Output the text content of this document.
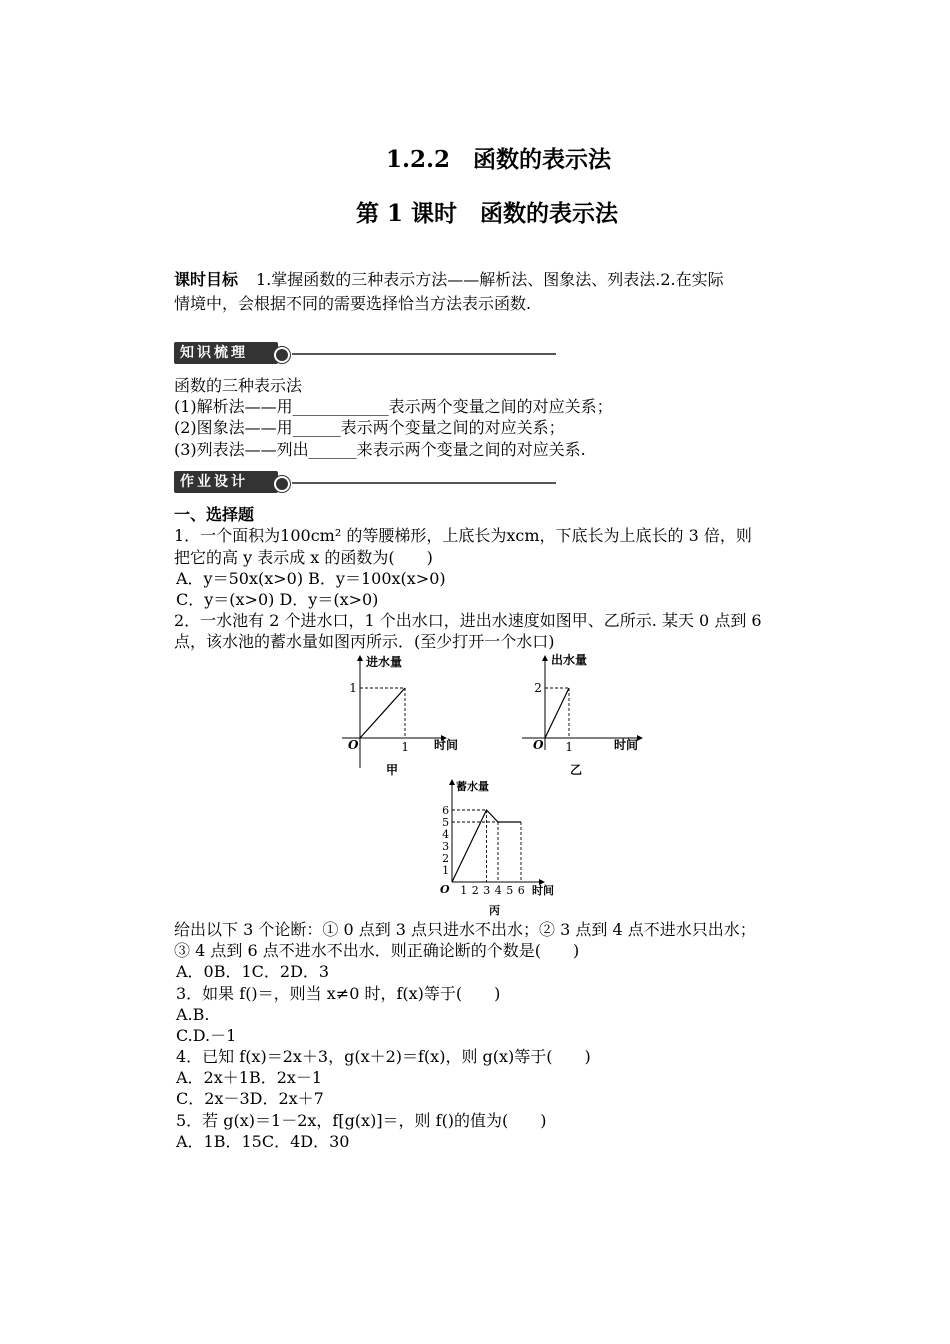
1.2.2　函数的表示法
第 1 课时　函数的表示法
课时目标 1.掌握函数的三种表示方法——解析法、图象法、列表法.2.在实际
情境中，会根据不同的需要选择恰当方法表示函数.
知识梳理
函数的三种表示法
(1)解析法——用____________表示两个变量之间的对应关系；
(2)图象法——用______表示两个变量之间的对应关系；
(3)列表法——列出______来表示两个变量之间的对应关系.
作业设计
一、选择题
1．一个面积为100cm² 的等腰梯形，上底长为xcm，下底长为上底长的 3 倍，则
把它的高 y 表示成 x 的函数为(　　)
A．y＝50x(x>0) B．y＝100x(x>0)
C．y＝(x>0) D．y＝(x>0)
2．一水池有 2 个进水口，1 个出水口，进出水速度如图甲、乙所示. 某天 0 点到 6
点，该水池的蓄水量如图丙所示．(至少打开一个水口)
1
1
进水量
时间
O
甲
1
2
出水量
时间
O
乙
1 2 3 4 5 6
1
2
3
4
5
6
蓄水量
时间
O
丙
给出以下 3 个论断：① 0 点到 3 点只进水不出水；② 3 点到 4 点不进水只出水；
③ 4 点到 6 点不进水不出水．则正确论断的个数是(　　)
A．0B．1C．2D．3
3．如果 f()＝，则当 x≠0 时，f(x)等于(　　)
A.B.
C.D.－1
4．已知 f(x)＝2x＋3，g(x＋2)＝f(x)，则 g(x)等于(　　)
A．2x＋1B．2x－1
C．2x－3D．2x＋7
5．若 g(x)＝1－2x，f[g(x)]＝，则 f()的值为(　　)
A．1B．15C．4D．30
